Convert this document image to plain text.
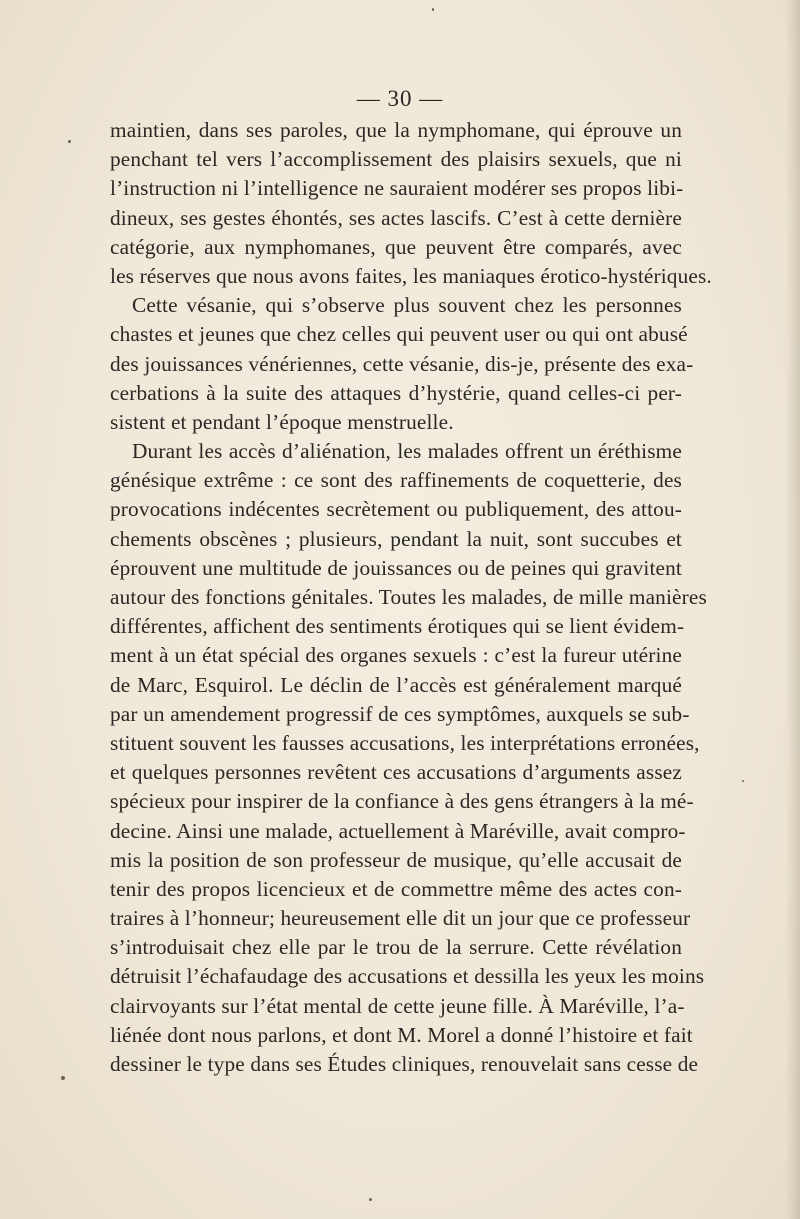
— 30 —
maintien, dans ses paroles, que la nymphomane, qui éprouve un
penchant tel vers l’accomplissement des plaisirs sexuels, que ni
l’instruction ni l’intelligence ne sauraient modérer ses propos libi-
dineux, ses gestes éhontés, ses actes lascifs. C’est à cette dernière
catégorie, aux nymphomanes, que peuvent être comparés, avec
les réserves que nous avons faites, les maniaques érotico-hystériques.
Cette vésanie, qui s’observe plus souvent chez les personnes
chastes et jeunes que chez celles qui peuvent user ou qui ont abusé
des jouissances vénériennes, cette vésanie, dis-je, présente des exa-
cerbations à la suite des attaques d’hystérie, quand celles-ci per-
sistent et pendant l’époque menstruelle.
Durant les accès d’aliénation, les malades offrent un éréthisme
génésique extrême : ce sont des raffinements de coquetterie, des
provocations indécentes secrètement ou publiquement, des attou-
chements obscènes ; plusieurs, pendant la nuit, sont succubes et
éprouvent une multitude de jouissances ou de peines qui gravitent
autour des fonctions génitales. Toutes les malades, de mille manières
différentes, affichent des sentiments érotiques qui se lient évidem-
ment à un état spécial des organes sexuels : c’est la fureur utérine
de Marc, Esquirol. Le déclin de l’accès est généralement marqué
par un amendement progressif de ces symptômes, auxquels se sub-
stituent souvent les fausses accusations, les interprétations erronées,
et quelques personnes revêtent ces accusations d’arguments assez
spécieux pour inspirer de la confiance à des gens étrangers à la mé-
decine. Ainsi une malade, actuellement à Maréville, avait compro-
mis la position de son professeur de musique, qu’elle accusait de
tenir des propos licencieux et de commettre même des actes con-
traires à l’honneur; heureusement elle dit un jour que ce professeur
s’introduisait chez elle par le trou de la serrure. Cette révélation
détruisit l’échafaudage des accusations et dessilla les yeux les moins
clairvoyants sur l’état mental de cette jeune fille. À Maréville, l’a-
liénée dont nous parlons, et dont M. Morel a donné l’histoire et fait
dessiner le type dans ses Études cliniques, renouvelait sans cesse de
